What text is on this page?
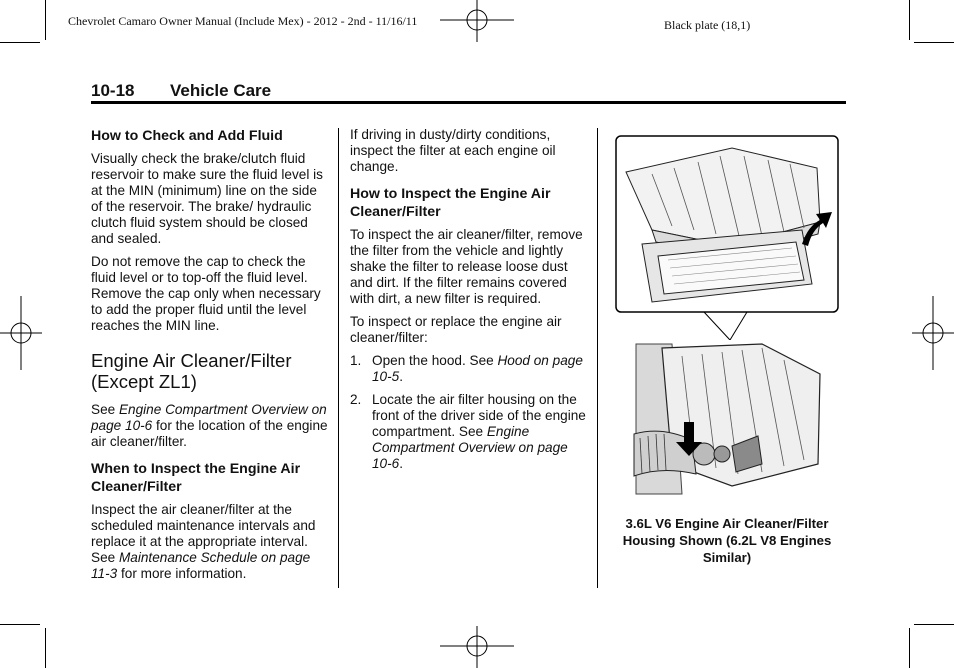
Chevrolet Camaro Owner Manual (Include Mex) - 2012 - 2nd - 11/16/11	Black plate (18,1)
10-18 Vehicle Care
How to Check and Add Fluid

Visually check the brake/clutch fluid reservoir to make sure the fluid level is at the MIN (minimum) line on the side of the reservoir. The brake/ hydraulic clutch fluid system should be closed and sealed.

Do not remove the cap to check the fluid level or to top-off the fluid level. Remove the cap only when necessary to add the proper fluid until the level reaches the MIN line.

Engine Air Cleaner/Filter (Except ZL1)

See Engine Compartment Overview on page 10-6 for the location of the engine air cleaner/filter.

When to Inspect the Engine Air Cleaner/Filter

Inspect the air cleaner/filter at the scheduled maintenance intervals and replace it at the appropriate interval. See Maintenance Schedule on page 11-3 for more information.

If driving in dusty/dirty conditions, inspect the filter at each engine oil change.

How to Inspect the Engine Air Cleaner/Filter

To inspect the air cleaner/filter, remove the filter from the vehicle and lightly shake the filter to release loose dust and dirt. If the filter remains covered with dirt, a new filter is required.

To inspect or replace the engine air cleaner/filter:

1. Open the hood. See Hood on page 10-5.
2. Locate the air filter housing on the front of the driver side of the engine compartment. See Engine Compartment Overview on page 10-6.
3.6L V6 Engine Air Cleaner/Filter Housing Shown (6.2L V8 Engines Similar)
